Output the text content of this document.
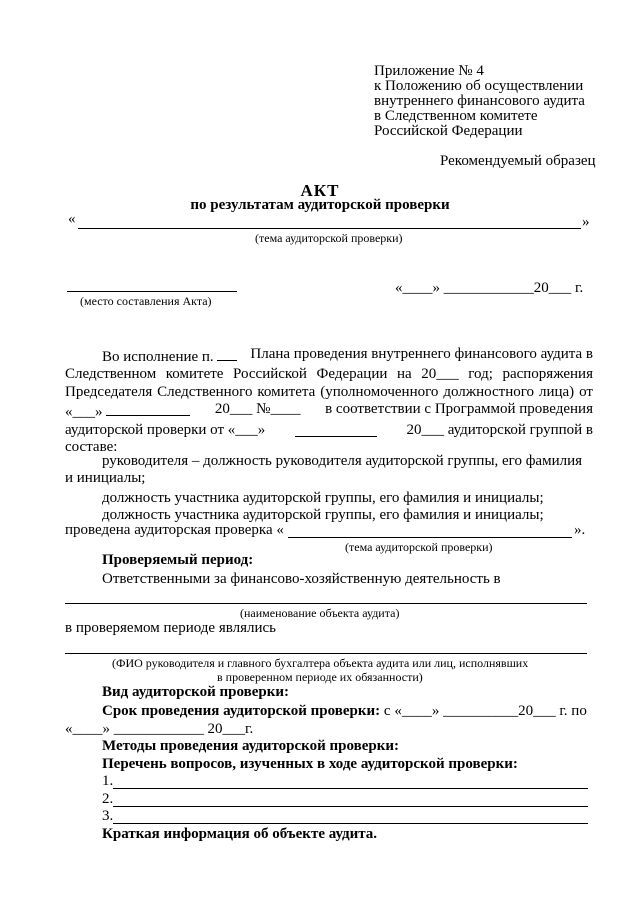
Приложение № 4
к Положению об осуществлении
внутреннего финансового аудита
в Следственном комитете
Российской Федерации
Рекомендуемый образец
АКТ
по результатам аудиторской проверки
«	»
(тема аудиторской проверки)
(место составления Акта)
«____» ____________20___ г.
Во исполнение п.	Плана проведения внутреннего финансового аудита в
Следственном комитете Российской Федерации на 20___ год; распоряжения
Председателя Следственного комитета (уполномоченного должностного лица) от
«___»	20___ №____ в соответствии с Программой проведения
аудиторской проверки от «___»	20___ аудиторской группой в
составе:
руководителя – должность руководителя аудиторской группы, его фамилия
и инициалы;
должность участника аудиторской группы, его фамилия и инициалы;
должность участника аудиторской группы, его фамилия и инициалы;
проведена аудиторская проверка «	».
(тема аудиторской проверки)
Проверяемый период:
Ответственными за финансово-хозяйственную деятельность в
(наименование объекта аудита)
в проверяемом периоде являлись
(ФИО руководителя и главного бухгалтера объекта аудита или лиц, исполнявших
в проверенном периоде их обязанности)
Вид аудиторской проверки:
Срок проведения аудиторской проверки: с «____» __________20___ г. по
«____» ____________ 20___г.
Методы проведения аудиторской проверки:
Перечень вопросов, изученных в ходе аудиторской проверки:
1.
2.
3.
Краткая информация об объекте аудита.
